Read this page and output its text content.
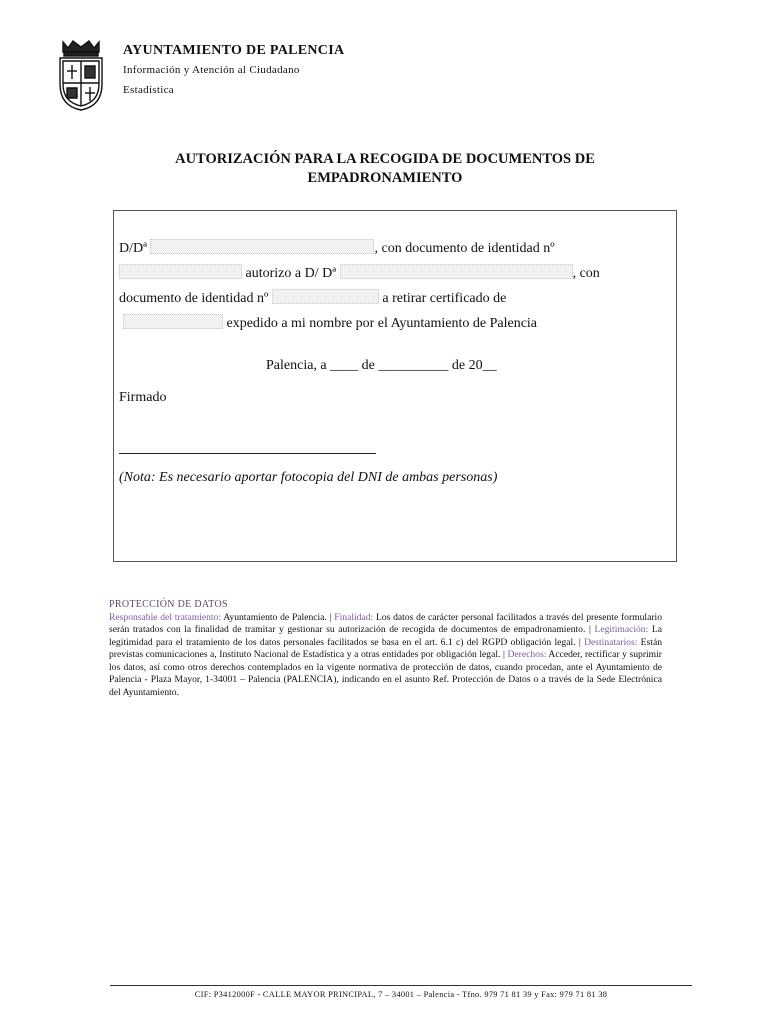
AYUNTAMIENTO DE PALENCIA
Información y Atención al Ciudadano
Estadística
AUTORIZACIÓN PARA LA RECOGIDA DE DOCUMENTOS DE
EMPADRONAMIENTO
D/Dª	, con documento de identidad nº
autorizo a D/ Dª	, con
documento de identidad nº	a retirar certificado de
expedido a mi nombre por el Ayuntamiento de Palencia
Palencia, a ____ de __________ de 20__
Firmado
(Nota: Es necesario aportar fotocopia del DNI de ambas personas)
PROTECCIÓN DE DATOS
Responsable del tratamiento: Ayuntamiento de Palencia. | Finalidad: Los datos de carácter personal facilitados a través del presente formulario serán tratados con la finalidad de tramitar y gestionar su autorización de recogida de documentos de empadronamiento. | Legitimación: La legitimidad para el tratamiento de los datos personales facilitados se basa en el art. 6.1 c) del RGPD obligación legal. | Destinatarios: Están previstas comunicaciones a, Instituto Nacional de Estadística y a otras entidades por obligación legal. | Derechos: Acceder, rectificar y suprimir los datos, así como otros derechos contemplados en la vigente normativa de protección de datos, cuando procedan, ante el Ayuntamiento de Palencia - Plaza Mayor, 1-34001 – Palencia (PALENCIA), indicando en el asunto Ref. Protección de Datos o a través de la Sede Electrónica del Ayuntamiento.
CIF: P3412000F - CALLE MAYOR PRINCIPAL, 7 – 34001 – Palencia - Tfno. 979 71 81 39 y Fax: 979 71 81 38
